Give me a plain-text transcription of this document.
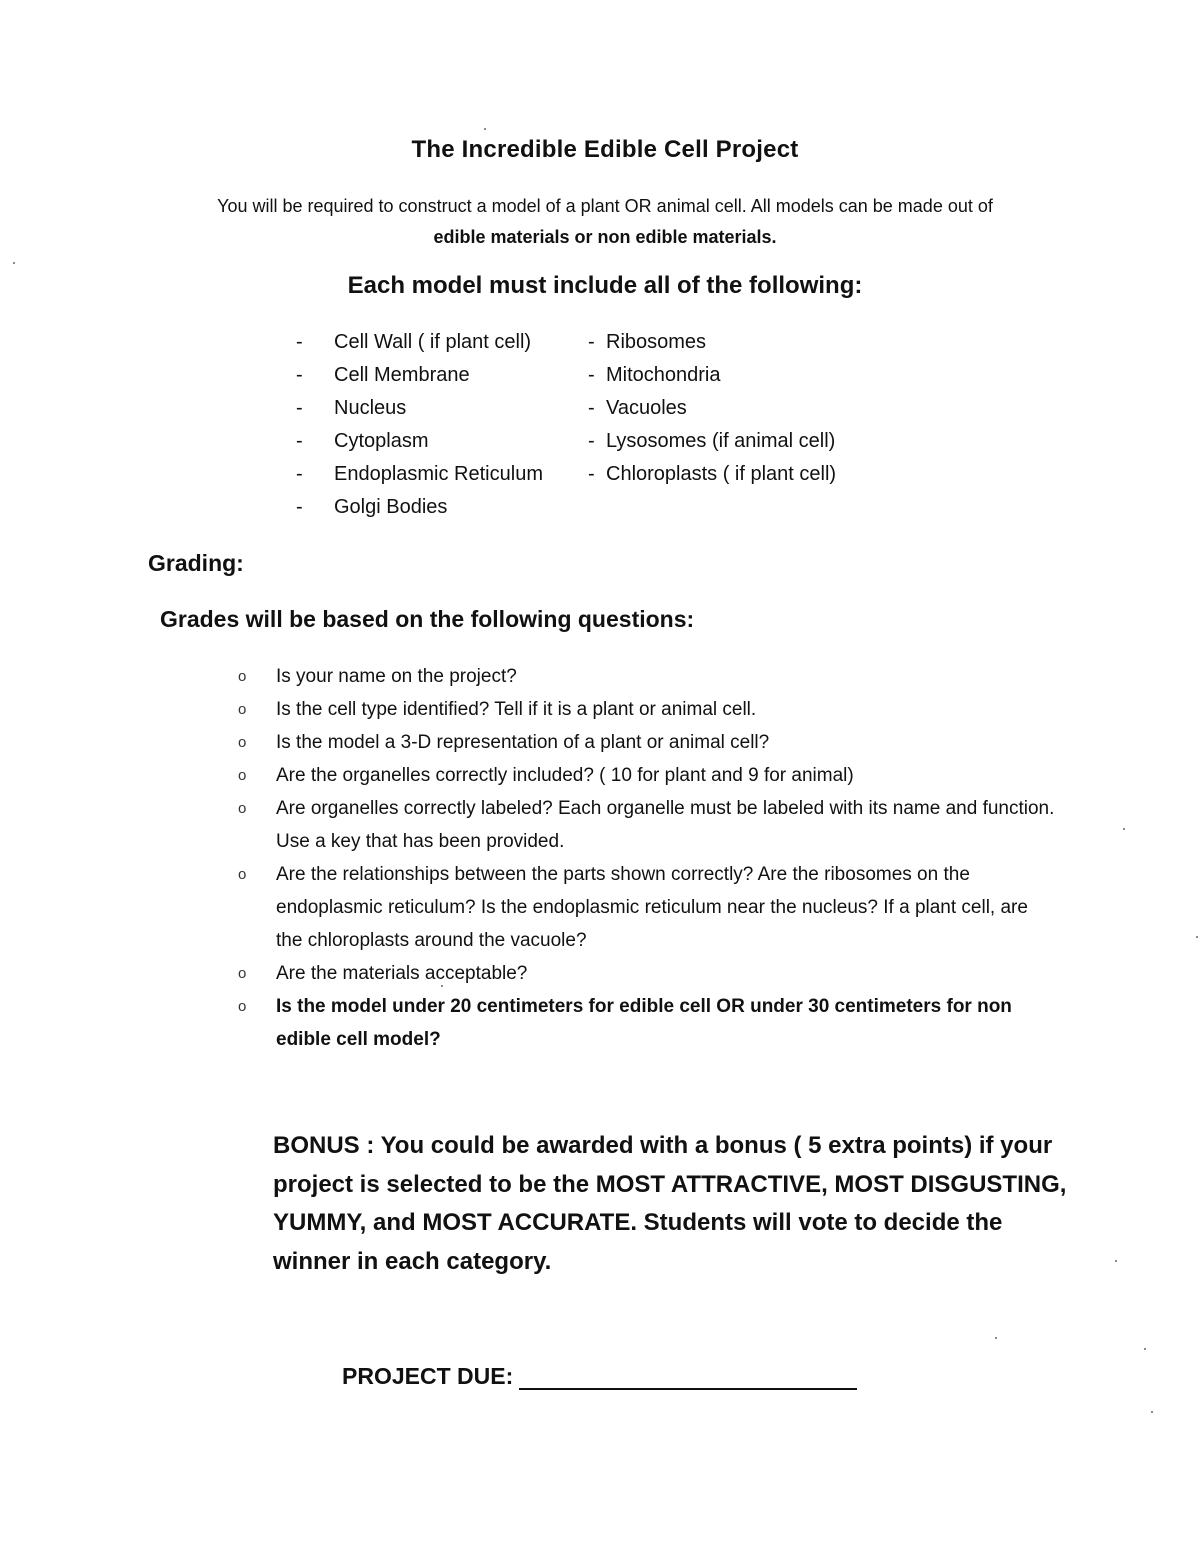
The Incredible Edible Cell Project
You will be required to construct a model of a plant OR animal cell. All models can be made out of
edible materials or non edible materials.
Each model must include all of the following:
- Cell Wall ( if plant cell)
- Cell Membrane
- Nucleus
- Cytoplasm
- Endoplasmic Reticulum
- Golgi Bodies
- Ribosomes
- Mitochondria
- Vacuoles
- Lysosomes (if animal cell)
- Chloroplasts ( if plant cell)
Grading:
Grades will be based on the following questions:
o	Is your name on the project?
o	Is the cell type identified? Tell if it is a plant or animal cell.
o	Is the model a 3-D representation of a plant or animal cell?
o	Are the organelles correctly included? ( 10 for plant and 9 for animal)
o	Are organelles correctly labeled? Each organelle must be labeled with its name and function. Use a key that has been provided.
o	Are the relationships between the parts shown correctly? Are the ribosomes on the endoplasmic reticulum? Is the endoplasmic reticulum near the nucleus? If a plant cell, are the chloroplasts around the vacuole?
o	Are the materials acceptable?
o	Is the model under 20 centimeters for edible cell OR under 30 centimeters for non edible cell model?
BONUS : You could be awarded with a bonus ( 5 extra points) if your project is selected to be the MOST ATTRACTIVE, MOST DISGUSTING, YUMMY, and MOST ACCURATE. Students will vote to decide the winner in each category.
PROJECT DUE:
